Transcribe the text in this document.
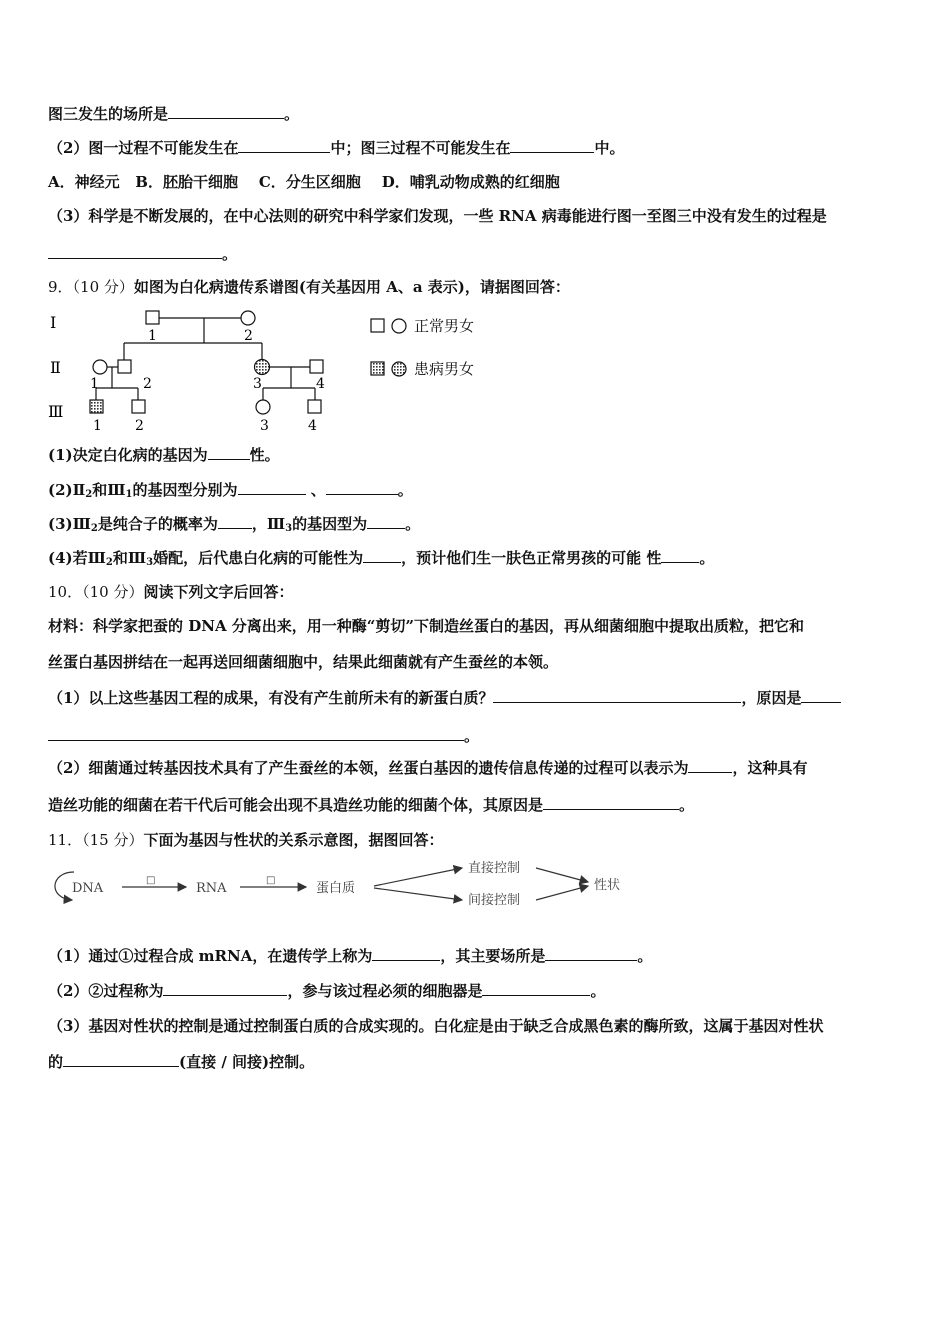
图三发生的场所是	。
（2）图一过程不可能发生在	中；图三过程不可能发生在	中。
A．神经元   B．胚胎干细胞    C．分生区细胞    D．哺乳动物成熟的红细胞
（3）科学是不断发展的，在中心法则的研究中科学家们发现，一些 RNA 病毒能进行图一至图三中没有发生的过程是
。
9．（10 分）如图为白化病遗传系谱图(有关基因用 A、a 表示)，请据图回答：
Ⅰ
Ⅱ
Ⅲ
1	2
1	2	3	4
1 2	3	4
正常男女
患病男女
(1)决定白化病的基因为	性。
$(2)Ⅱ_2$和$Ⅲ_1$的基因型分别为	、	。
$(3)Ⅲ_2$是纯合子的概率为 ，$Ⅲ_3$的基因型为	。
(4)若$Ⅲ_2$和$Ⅲ_3$婚配，后代患白化病的可能性为	，预计他们生一肤色正常男孩的可能 性	。
10．（10 分）阅读下列文字后回答：
材料：科学家把蚕的 DNA 分离出来，用一种酶“剪切”下制造丝蛋白的基因，再从细菌细胞中提取出质粒，把它和
丝蛋白基因拼结在一起再送回细菌细胞中，结果此细菌就有产生蚕丝的本领。
（1）以上这些基因工程的成果，有没有产生前所未有的新蛋白质？	，原因是
。
（2）细菌通过转基因技术具有了产生蚕丝的本领，丝蛋白基因的遗传信息传递的过程可以表示为	，这种具有
造丝功能的细菌在若干代后可能会出现不具造丝功能的细菌个体，其原因是	。
11．（15 分）下面为基因与性状的关系示意图，据图回答：
DNA
□
RNA
□
蛋白质
直接控制
间接控制
性状
（1）通过①过程合成 mRNA，在遗传学上称为	，其主要场所是	。
（2）②过程称为	，参与该过程必须的细胞器是	。
（3）基因对性状的控制是通过控制蛋白质的合成实现的。白化症是由于缺乏合成黑色素的酶所致，这属于基因对性状
的	(直接 / 间接)控制。
